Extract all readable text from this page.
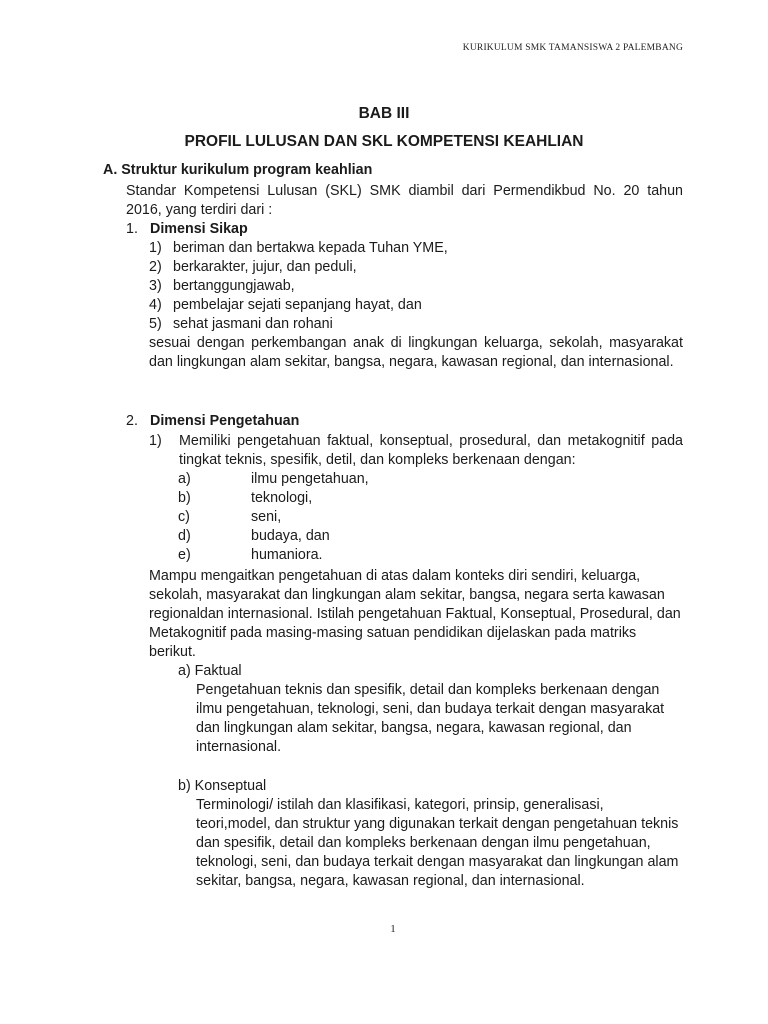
KURIKULUM SMK TAMANSISWA 2 PALEMBANG
BAB III
PROFIL LULUSAN DAN SKL KOMPETENSI KEAHLIAN
A. Struktur kurikulum program keahlian
Standar Kompetensi Lulusan (SKL) SMK diambil dari Permendikbud No. 20 tahun 2016, yang terdiri dari :
1. Dimensi Sikap
1) beriman dan bertakwa kepada Tuhan YME,
2) berkarakter, jujur, dan peduli,
3) bertanggungjawab,
4) pembelajar sejati sepanjang hayat, dan
5) sehat jasmani dan rohani
sesuai dengan perkembangan anak di lingkungan keluarga, sekolah, masyarakat dan lingkungan alam sekitar, bangsa, negara, kawasan regional, dan internasional.
2. Dimensi Pengetahuan
1)	Memiliki pengetahuan faktual, konseptual, prosedural, dan metakognitif pada tingkat teknis, spesifik, detil, dan kompleks berkenaan dengan:
a)	ilmu pengetahuan,
b)	teknologi,
c)	seni,
d)	budaya, dan
e)	humaniora.
Mampu mengaitkan pengetahuan di atas dalam konteks diri sendiri, keluarga, sekolah, masyarakat dan lingkungan alam sekitar, bangsa, negara serta kawasan regionaldan internasional. Istilah pengetahuan Faktual, Konseptual, Prosedural, dan Metakognitif pada masing-masing satuan pendidikan dijelaskan pada matriks berikut.
a) Faktual
Pengetahuan teknis dan spesifik, detail dan kompleks berkenaan dengan ilmu pengetahuan, teknologi, seni, dan budaya terkait dengan masyarakat dan lingkungan alam sekitar, bangsa, negara, kawasan regional, dan internasional.
b) Konseptual
Terminologi/ istilah dan klasifikasi, kategori, prinsip, generalisasi, teori,model, dan struktur yang digunakan terkait dengan pengetahuan teknis dan spesifik, detail dan kompleks berkenaan dengan ilmu pengetahuan, teknologi, seni, dan budaya terkait dengan masyarakat dan lingkungan alam sekitar, bangsa, negara, kawasan regional, dan internasional.
1
